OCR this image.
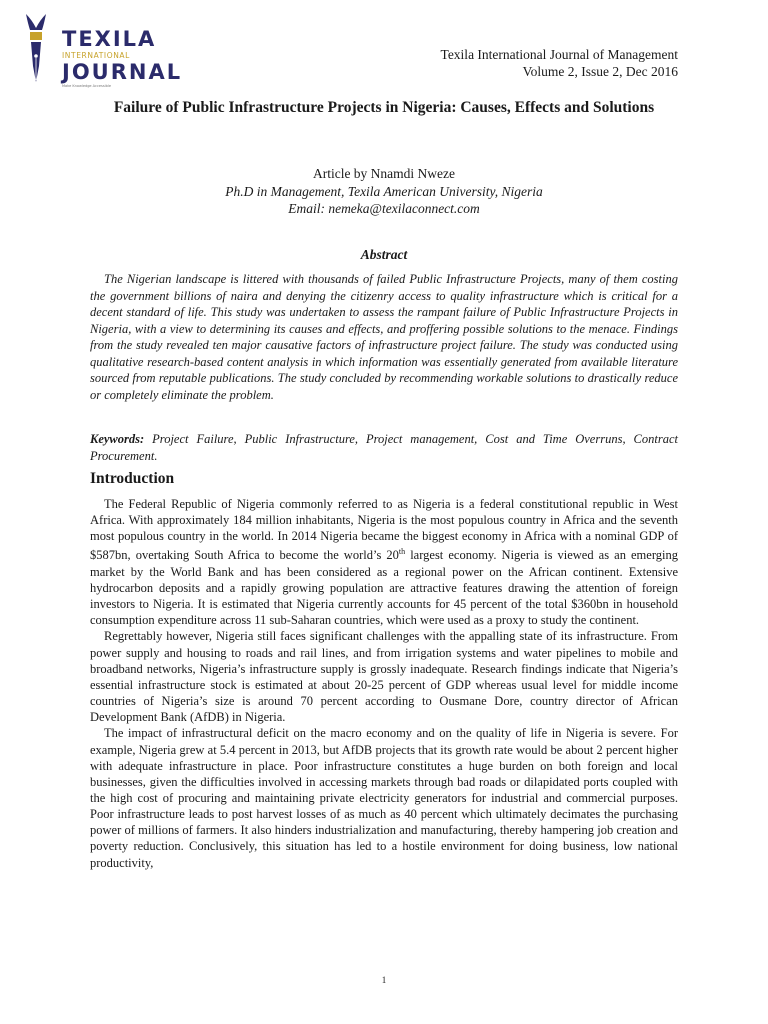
TEXILA
INTERNATIONAL
JOURNAL
Make Knowledge Accessible
Texila International Journal of Management
Volume 2, Issue 2, Dec 2016
Failure of Public Infrastructure Projects in Nigeria: Causes, Effects and Solutions
Article by Nnamdi Nweze
Ph.D in Management, Texila American University, Nigeria
Email: nemeka@texilaconnect.com
Abstract

The Nigerian landscape is littered with thousands of failed Public Infrastructure Projects, many of them costing the government billions of naira and denying the citizenry access to quality infrastructure which is critical for a decent standard of life. This study was undertaken to assess the rampant failure of Public Infrastructure Projects in Nigeria, with a view to determining its causes and effects, and proffering possible solutions to the menace. Findings from the study revealed ten major causative factors of infrastructure project failure. The study was conducted using qualitative research-based content analysis in which information was essentially generated from available literature sourced from reputable publications. The study concluded by recommending workable solutions to drastically reduce or completely eliminate the problem.

Keywords: Project Failure, Public Infrastructure, Project management, Cost and Time Overruns, Contract Procurement.

Introduction

The Federal Republic of Nigeria commonly referred to as Nigeria is a federal constitutional republic in West Africa. With approximately 184 million inhabitants, Nigeria is the most populous country in Africa and the seventh most populous country in the world. In 2014 Nigeria became the biggest economy in Africa with a nominal GDP of $587bn, overtaking South Africa to become the world’s 20th largest economy. Nigeria is viewed as an emerging market by the World Bank and has been considered as a regional power on the African continent. Extensive hydrocarbon deposits and a rapidly growing population are attractive features drawing the attention of foreign investors to Nigeria. It is estimated that Nigeria currently accounts for 45 percent of the total $360bn in household consumption expenditure across 11 sub-Saharan countries, which were used as a proxy to study the continent.

Regrettably however, Nigeria still faces significant challenges with the appalling state of its infrastructure. From power supply and housing to roads and rail lines, and from irrigation systems and water pipelines to mobile and broadband networks, Nigeria’s infrastructure supply is grossly inadequate. Research findings indicate that Nigeria’s essential infrastructure stock is estimated at about 20-25 percent of GDP whereas usual level for middle income countries of Nigeria’s size is around 70 percent according to Ousmane Dore, country director of African Development Bank (AfDB) in Nigeria.

The impact of infrastructural deficit on the macro economy and on the quality of life in Nigeria is severe. For example, Nigeria grew at 5.4 percent in 2013, but AfDB projects that its growth rate would be about 2 percent higher with adequate infrastructure in place. Poor infrastructure constitutes a huge burden on both foreign and local businesses, given the difficulties involved in accessing markets through bad roads or dilapidated ports coupled with the high cost of procuring and maintaining private electricity generators for industrial and commercial purposes. Poor infrastructure leads to post harvest losses of as much as 40 percent which ultimately decimates the purchasing power of millions of farmers. It also hinders industrialization and manufacturing, thereby hampering job creation and poverty reduction. Conclusively, this situation has led to a hostile environment for doing business, low national productivity,

1
